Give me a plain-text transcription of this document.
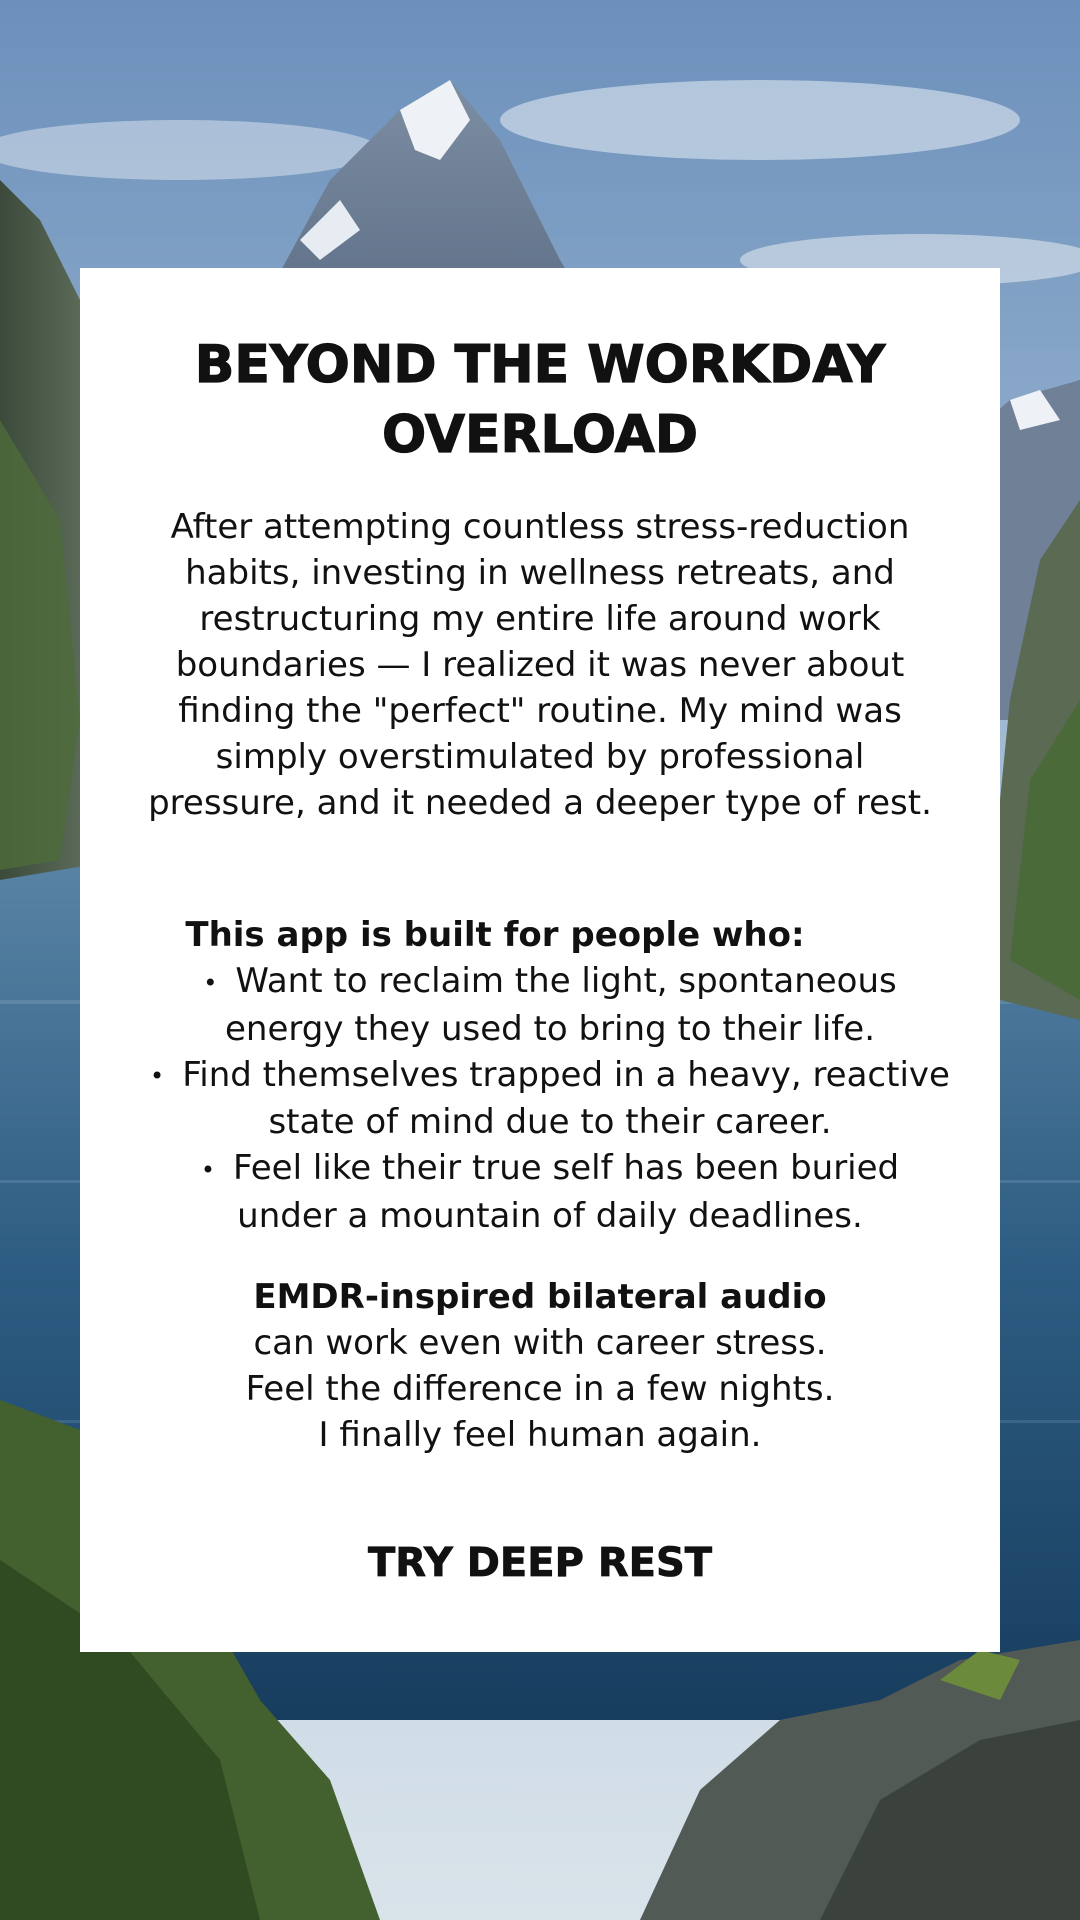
BEYOND THE WORKDAY
OVERLOAD

After attempting countless stress-reduction habits, investing in wellness retreats, and restructuring my entire life around work boundaries — I realized it was never about finding the "perfect" routine. My mind was simply overstimulated by professional pressure, and it needed a deeper type of rest.

This app is built for people who:

• Want to reclaim the light, spontaneous energy they used to bring to their life.
• Find themselves trapped in a heavy, reactive state of mind due to their career.
• Feel like their true self has been buried under a mountain of daily deadlines.

EMDR-inspired bilateral audio
can work even with career stress.
Feel the difference in a few nights.
I finally feel human again.

TRY DEEP REST
